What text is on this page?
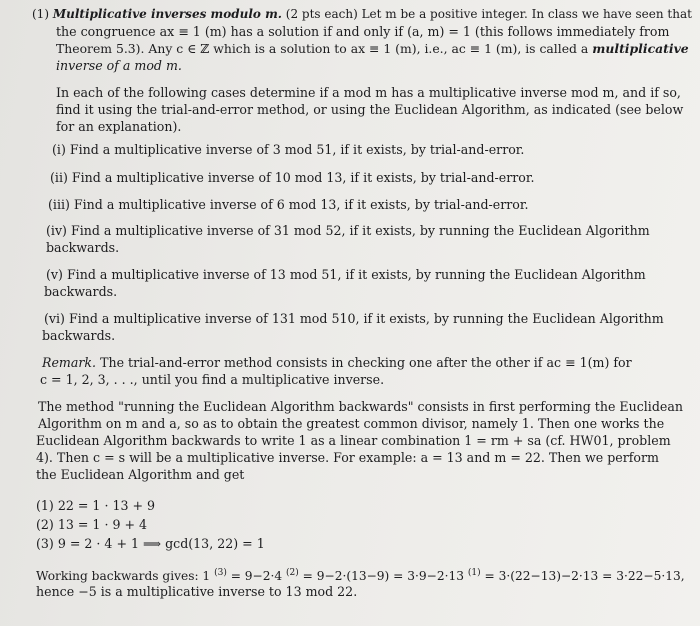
(1) Multiplicative inverses modulo m. (2 pts each) Let m be a positive integer. In class we have seen that

the congruence ax ≡ 1 (m) has a solution if and only if (a, m) = 1 (this follows immediately from

Theorem 5.3). Any c ∈ ℤ which is a solution to ax ≡ 1 (m), i.e., ac ≡ 1 (m), is called a multiplicative

inverse of a mod m.

In each of the following cases determine if a mod m has a multiplicative inverse mod m, and if so,

find it using the trial-and-error method, or using the Euclidean Algorithm, as indicated (see below

for an explanation).

(i) Find a multiplicative inverse of 3 mod 51, if it exists, by trial-and-error.

(ii) Find a multiplicative inverse of 10 mod 13, if it exists, by trial-and-error.

(iii) Find a multiplicative inverse of 6 mod 13, if it exists, by trial-and-error.

(iv) Find a multiplicative inverse of 31 mod 52, if it exists, by running the Euclidean Algorithm

backwards.

(v) Find a multiplicative inverse of 13 mod 51, if it exists, by running the Euclidean Algorithm

backwards.

(vi) Find a multiplicative inverse of 131 mod 510, if it exists, by running the Euclidean Algorithm

backwards.

Remark. The trial-and-error method consists in checking one after the other if ac ≡ 1(m) for

c = 1, 2, 3, . . ., until you find a multiplicative inverse.

The method "running the Euclidean Algorithm backwards" consists in first performing the Euclidean

Algorithm on m and a, so as to obtain the greatest common divisor, namely 1. Then one works the

Euclidean Algorithm backwards to write 1 as a linear combination 1 = rm + sa (cf. HW01, problem

4). Then c = s will be a multiplicative inverse. For example: a = 13 and m = 22. Then we perform

the Euclidean Algorithm and get

(1) 22 = 1 · 13 + 9

(2) 13 = 1 · 9 + 4

(3) 9 = 2 · 4 + 1 ⟹ gcd(13, 22) = 1

Working backwards gives: 1 $^{(3)}$ = 9−2·4 $^{(2)}$ = 9−2·(13−9) = 3·9−2·13 $^{(1)}$ = 3·(22−13)−2·13 = 3·22−5·13,

hence −5 is a multiplicative inverse to 13 mod 22.
